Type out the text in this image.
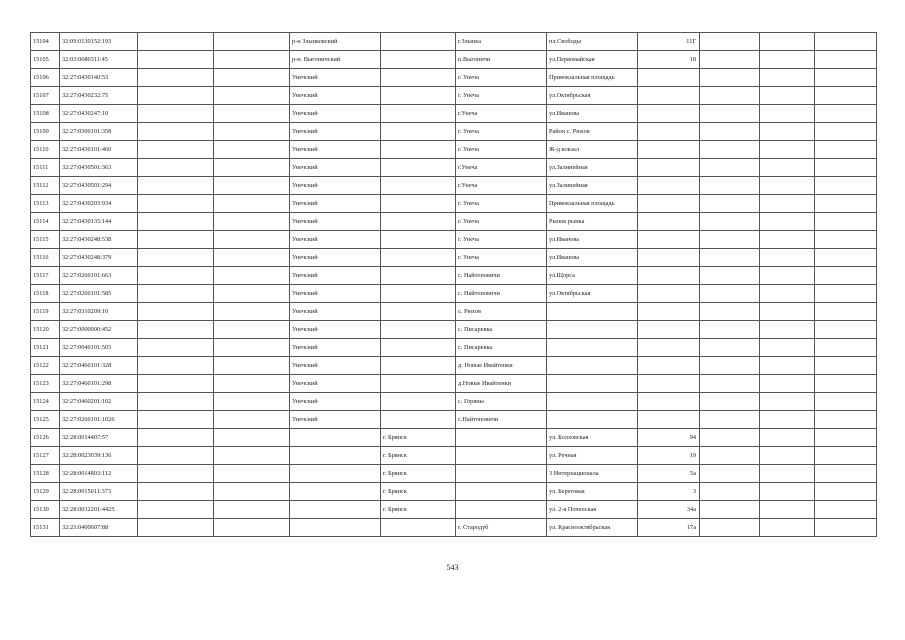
15104	32:09:0130152:193			р-н Злынковский		г.Злынка	пл.Свободы	11Г			
15105	32:03:0680311:45			р-н. Выгоничский		п.Выгоничи	ул.Первомайская	18			
15106	32:27:0430140:53			Унечский		г. Унеча	Привокзальная площадь				
15107	32:27:0430232:75			Унечский		г. Унеча	ул.Октябрьская				
15108	32:27:0430247:10			Унечский		г.Унеча	ул.Иванова				
15109	32:27:0300101:358			Унечский		г. Унеча	Район с. Рюхов				
15110	32:27:0430101:460			Унечский		г. Унеча	Ж-д вокзал				
15111	32:27:0430501:363			Унечский		г.Унеча	ул.Залинейная				
15112	32:27:0430501:294			Унечский		г.Унеча	ул.Залинейная				
15113	32:27:0430203:934			Унечский		г. Унеча	Привокзальная площадь				
15114	32:27:0430135:144			Унечский		г. Унеча	Рынок рынка				
15115	32:27:0430248:538			Унечский		г. Унеча	ул.Иванова				
15116	32:27:0430248:379			Унечский		г. Унеча	ул.Иванова				
15117	32:27:0260101:663			Унечский		с. Найтоповичи	ул.Щорса				
15118	32:27:0260101:585			Унечский		с. Найтоповичи	ул.Октябрьская				
15119	32:27:0310209:10			Унечский		с. Рюхов					
15120	32:27:0000000:452			Унечский		с. Писаревка					
15121	32:27:0040101:503			Унечский		с. Писаревка					
15122	32:27:0460101:328			Унечский		д. Новые Ивайтенки					
15123	32:27:0460101:298			Унечский		д.Новые Ивайтенки					
15124	32:27:0460201:102			Унечский		с. Горяны					
15125	32:27:0260101:1026			Унечский		с.Найтоповичи					
15126	32:28:0014407:57				г. Брянск		ул. Болховская	94			
15127	32:28:0023039:136				г. Брянск		ул. Речная	19			
15128	32:28:0014803:112				г. Брянск		3 Интернационала	5а			
15129	32:28:0015011:373				г. Брянск		ул. Береговая	3			
15130	32:28:0032201:4425				г. Брянск		ул. 2-я Почепская	34а			
15131	32:23:0400607:88					г. Стародуб	ул. Краснооктябрьская	17а			
543
